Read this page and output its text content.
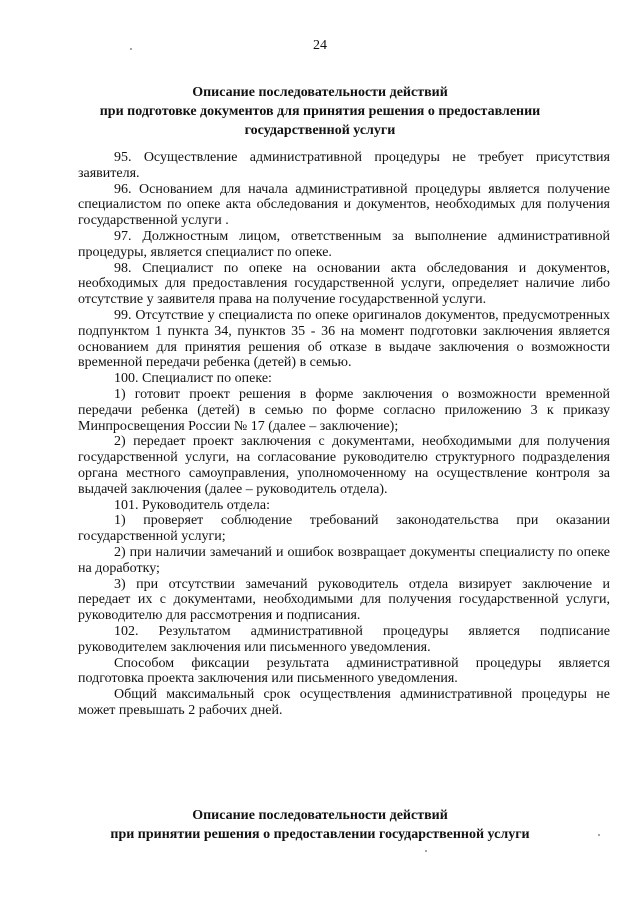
24
Описание последовательности действий
при подготовке документов для принятия решения о предоставлении
государственной услуги

95. Осуществление административной процедуры не требует присутствия заявителя.

96. Основанием для начала административной процедуры является получение специалистом по опеке акта обследования и документов, необходимых для получения государственной услуги .

97. Должностным лицом, ответственным за выполнение административной процедуры, является специалист по опеке.

98. Специалист по опеке на основании акта обследования и документов, необходимых для предоставления государственной услуги, определяет наличие либо отсутствие у заявителя права на получение государственной услуги.

99. Отсутствие у специалиста по опеке оригиналов документов, предусмотренных подпунктом 1 пункта 34, пунктов 35 - 36 на момент подготовки заключения является основанием для принятия решения об отказе в выдаче заключения о возможности временной передачи ребенка (детей) в семью.

100. Специалист по опеке:

1) готовит проект решения в форме заключения о возможности временной передачи ребенка (детей) в семью по форме согласно приложению 3 к приказу Минпросвещения России № 17 (далее – заключение);

2) передает проект заключения с документами, необходимыми для получения государственной услуги, на согласование руководителю структурного подразделения органа местного самоуправления, уполномоченному на осуществление контроля за выдачей заключения (далее – руководитель отдела).

101. Руководитель отдела:

1) проверяет соблюдение требований законодательства при оказании государственной услуги;

2) при наличии замечаний и ошибок возвращает документы специалисту по опеке на доработку;

3) при отсутствии замечаний руководитель отдела визирует заключение и передает их с документами, необходимыми для получения государственной услуги, руководителю для рассмотрения и подписания.

102. Результатом административной процедуры является подписание руководителем заключения или письменного уведомления.

Способом фиксации результата административной процедуры является подготовка проекта заключения или письменного уведомления.

Общий максимальный срок осуществления административной процедуры не может превышать 2 рабочих дней.

Описание последовательности действий
при принятии решения о предоставлении государственной услуги
